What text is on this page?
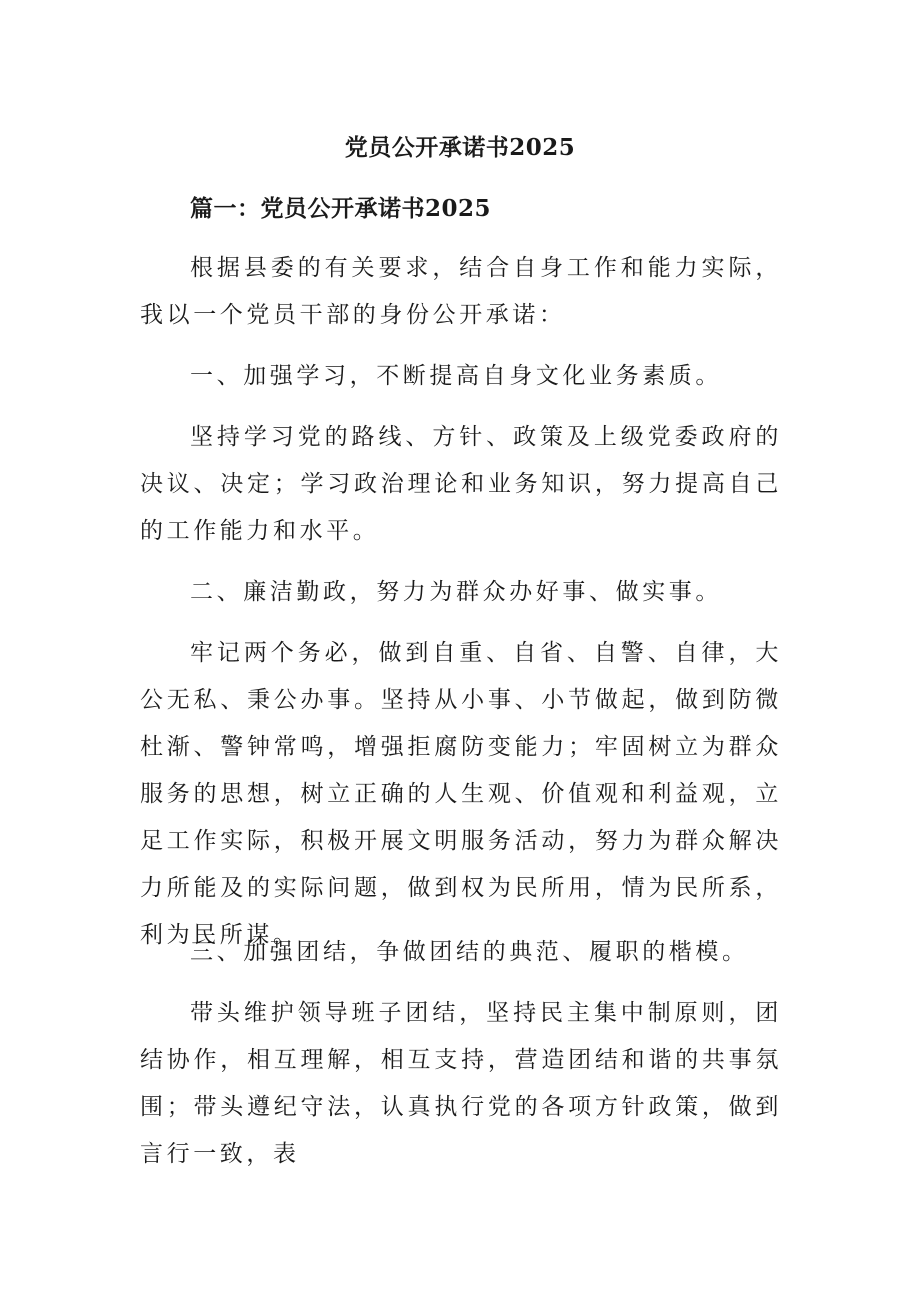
党员公开承诺书2025
篇一：党员公开承诺书2025

根据县委的有关要求，结合自身工作和能力实际，我以一个党员干部的身份公开承诺：

一、加强学习，不断提高自身文化业务素质。

坚持学习党的路线、方针、政策及上级党委政府的决议、决定；学习政治理论和业务知识，努力提高自己的工作能力和水平。

二、廉洁勤政，努力为群众办好事、做实事。

牢记两个务必，做到自重、自省、自警、自律，大公无私、秉公办事。坚持从小事、小节做起，做到防微杜渐、警钟常鸣，增强拒腐防变能力；牢固树立为群众服务的思想，树立正确的人生观、价值观和利益观，立足工作实际，积极开展文明服务活动，努力为群众解决力所能及的实际问题，做到权为民所用，情为民所系，利为民所谋。

三、加强团结，争做团结的典范、履职的楷模。

带头维护领导班子团结，坚持民主集中制原则，团结协作，相互理解，相互支持，营造团结和谐的共事氛围；带头遵纪守法，认真执行党的各项方针政策，做到言行一致，表
